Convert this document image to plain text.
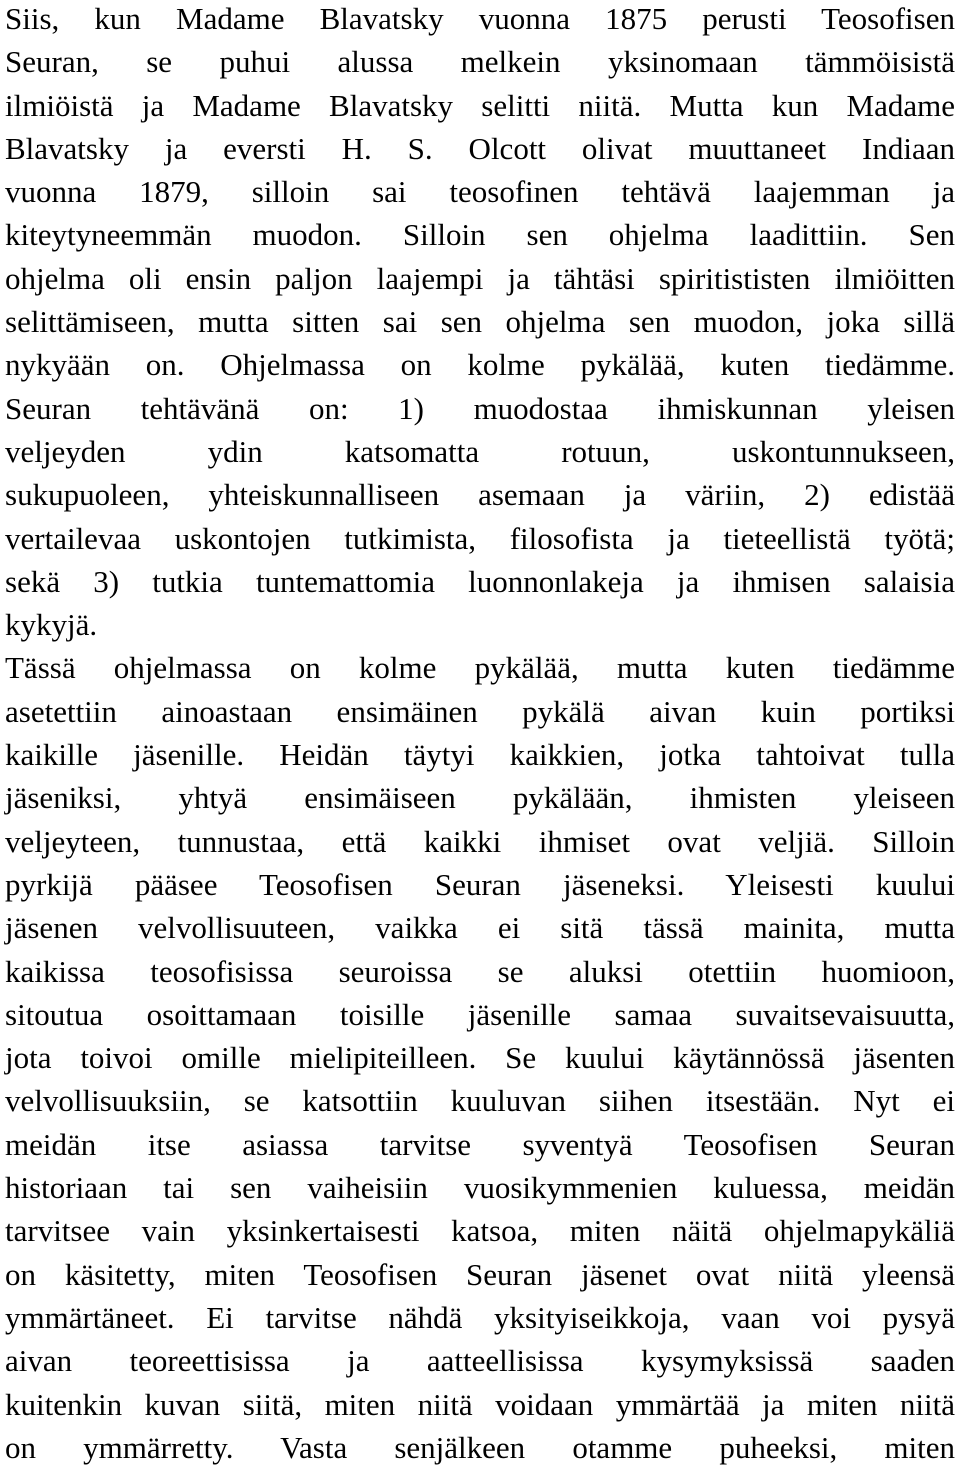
Siis, kun Madame Blavatsky vuonna 1875 perusti Teosofisen
Seuran, se puhui alussa melkein yksinomaan tämmöisistä
ilmiöistä ja Madame Blavatsky selitti niitä. Mutta kun Madame
Blavatsky ja eversti H. S. Olcott olivat muuttaneet Indiaan
vuonna 1879, silloin sai teosofinen tehtävä laajemman ja
kiteytyneemmän muodon. Silloin sen ohjelma laadittiin. Sen
ohjelma oli ensin paljon laajempi ja tähtäsi spiritististen ilmiöitten
selittämiseen, mutta sitten sai sen ohjelma sen muodon, joka sillä
nykyään on. Ohjelmassa on kolme pykälää, kuten tiedämme.
Seuran tehtävänä on: 1) muodostaa ihmiskunnan yleisen
veljeyden ydin katsomatta rotuun, uskontunnukseen,
sukupuoleen, yhteiskunnalliseen asemaan ja väriin, 2) edistää
vertailevaa uskontojen tutkimista, filosofista ja tieteellistä työtä;
sekä 3) tutkia tuntemattomia luonnonlakeja ja ihmisen salaisia
kykyjä.
Tässä ohjelmassa on kolme pykälää, mutta kuten tiedämme
asetettiin ainoastaan ensimäinen pykälä aivan kuin portiksi
kaikille jäsenille. Heidän täytyi kaikkien, jotka tahtoivat tulla
jäseniksi, yhtyä ensimäiseen pykälään, ihmisten yleiseen
veljeyteen, tunnustaa, että kaikki ihmiset ovat veljiä. Silloin
pyrkijä pääsee Teosofisen Seuran jäseneksi. Yleisesti kuului
jäsenen velvollisuuteen, vaikka ei sitä tässä mainita, mutta
kaikissa teosofisissa seuroissa se aluksi otettiin huomioon,
sitoutua osoittamaan toisille jäsenille samaa suvaitsevaisuutta,
jota toivoi omille mielipiteilleen. Se kuului käytännössä jäsenten
velvollisuuksiin, se katsottiin kuuluvan siihen itsestään. Nyt ei
meidän itse asiassa tarvitse syventyä Teosofisen Seuran
historiaan tai sen vaiheisiin vuosikymmenien kuluessa, meidän
tarvitsee vain yksinkertaisesti katsoa, miten näitä ohjelmapykäliä
on käsitetty, miten Teosofisen Seuran jäsenet ovat niitä yleensä
ymmärtäneet. Ei tarvitse nähdä yksityiseikkoja, vaan voi pysyä
aivan teoreettisissa ja aatteellisissa kysymyksissä saaden
kuitenkin kuvan siitä, miten niitä voidaan ymmärtää ja miten niitä
on ymmärretty. Vasta senjälkeen otamme puheeksi, miten
